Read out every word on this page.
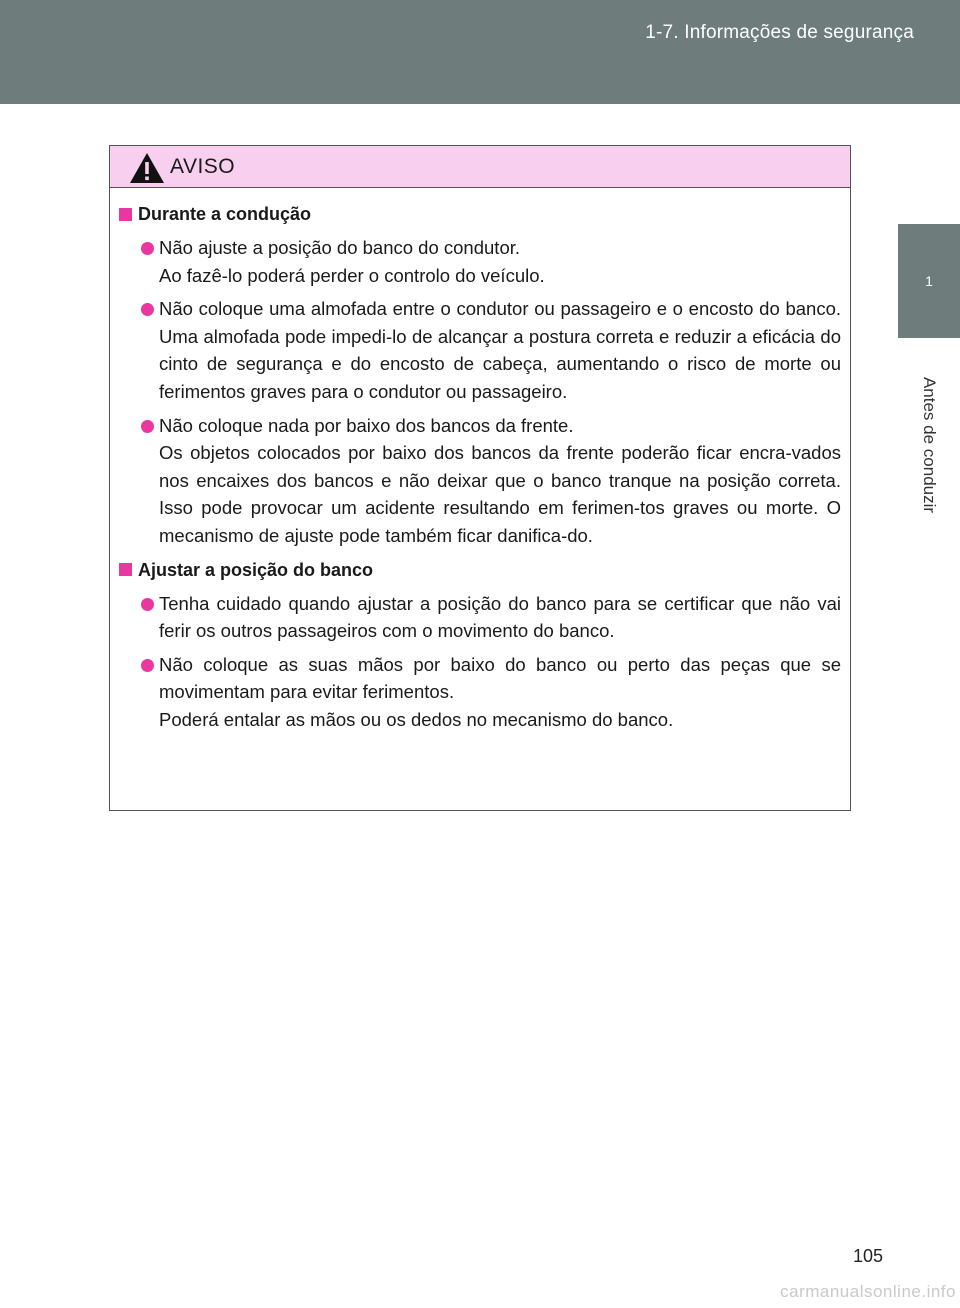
1-7. Informações de segurança
1
Antes de conduzir
AVISO
Durante a condução

Não ajuste a posição do banco do condutor.

Ao fazê-lo poderá perder o controlo do veículo.

Não coloque uma almofada entre o condutor ou passageiro e o encosto do banco. Uma almofada pode impedi-lo de alcançar a postura correta e reduzir a eficácia do cinto de segurança e do encosto de cabeça, aumentando o risco de morte ou ferimentos graves para o condutor ou passageiro.

Não coloque nada por baixo dos bancos da frente.

Os objetos colocados por baixo dos bancos da frente poderão ficar encra-vados nos encaixes dos bancos e não deixar que o banco tranque na posição correta. Isso pode provocar um acidente resultando em ferimen-tos graves ou morte. O mecanismo de ajuste pode também ficar danifica-do.

Ajustar a posição do banco

Tenha cuidado quando ajustar a posição do banco para se certificar que não vai ferir os outros passageiros com o movimento do banco.

Não coloque as suas mãos por baixo do banco ou perto das peças que se movimentam para evitar ferimentos.

Poderá entalar as mãos ou os dedos no mecanismo do banco.

105
carmanualsonline.info
